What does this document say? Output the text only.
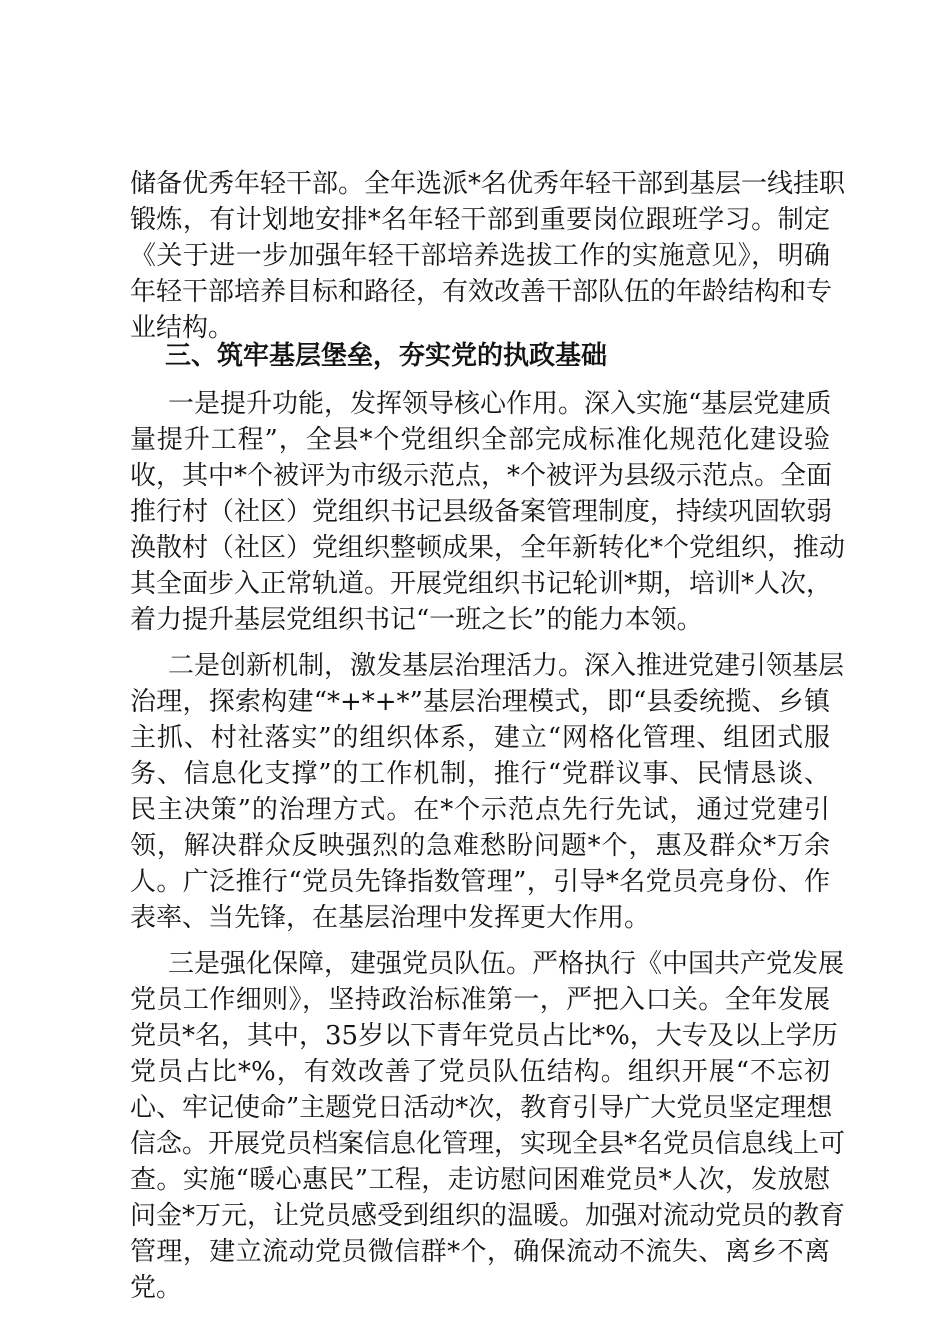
储备优秀年轻干部。全年选派*名优秀年轻干部到基层一线挂职
锻炼，有计划地安排*名年轻干部到重要岗位跟班学习。制定
《关于进一步加强年轻干部培养选拔工作的实施意见》，明确
年轻干部培养目标和路径，有效改善干部队伍的年龄结构和专
业结构。
三、筑牢基层堡垒，夯实党的执政基础
一是提升功能，发挥领导核心作用。深入实施“基层党建质
量提升工程”，全县*个党组织全部完成标准化规范化建设验
收，其中*个被评为市级示范点，*个被评为县级示范点。全面
推行村（社区）党组织书记县级备案管理制度，持续巩固软弱
涣散村（社区）党组织整顿成果，全年新转化*个党组织，推动
其全面步入正常轨道。开展党组织书记轮训*期，培训*人次，
着力提升基层党组织书记“一班之长”的能力本领。
二是创新机制，激发基层治理活力。深入推进党建引领基层
治理，探索构建“*+*+*”基层治理模式，即“县委统揽、乡镇
主抓、村社落实”的组织体系，建立“网格化管理、组团式服
务、信息化支撑”的工作机制，推行“党群议事、民情恳谈、
民主决策”的治理方式。在*个示范点先行先试，通过党建引
领，解决群众反映强烈的急难愁盼问题*个，惠及群众*万余
人。广泛推行“党员先锋指数管理”，引导*名党员亮身份、作
表率、当先锋，在基层治理中发挥更大作用。
三是强化保障，建强党员队伍。严格执行《中国共产党发展
党员工作细则》，坚持政治标准第一，严把入口关。全年发展
党员*名，其中，35岁以下青年党员占比*%，大专及以上学历
党员占比*%，有效改善了党员队伍结构。组织开展“不忘初
心、牢记使命”主题党日活动*次，教育引导广大党员坚定理想
信念。开展党员档案信息化管理，实现全县*名党员信息线上可
查。实施“暖心惠民”工程，走访慰问困难党员*人次，发放慰
问金*万元，让党员感受到组织的温暖。加强对流动党员的教育
管理，建立流动党员微信群*个，确保流动不流失、离乡不离
党。
